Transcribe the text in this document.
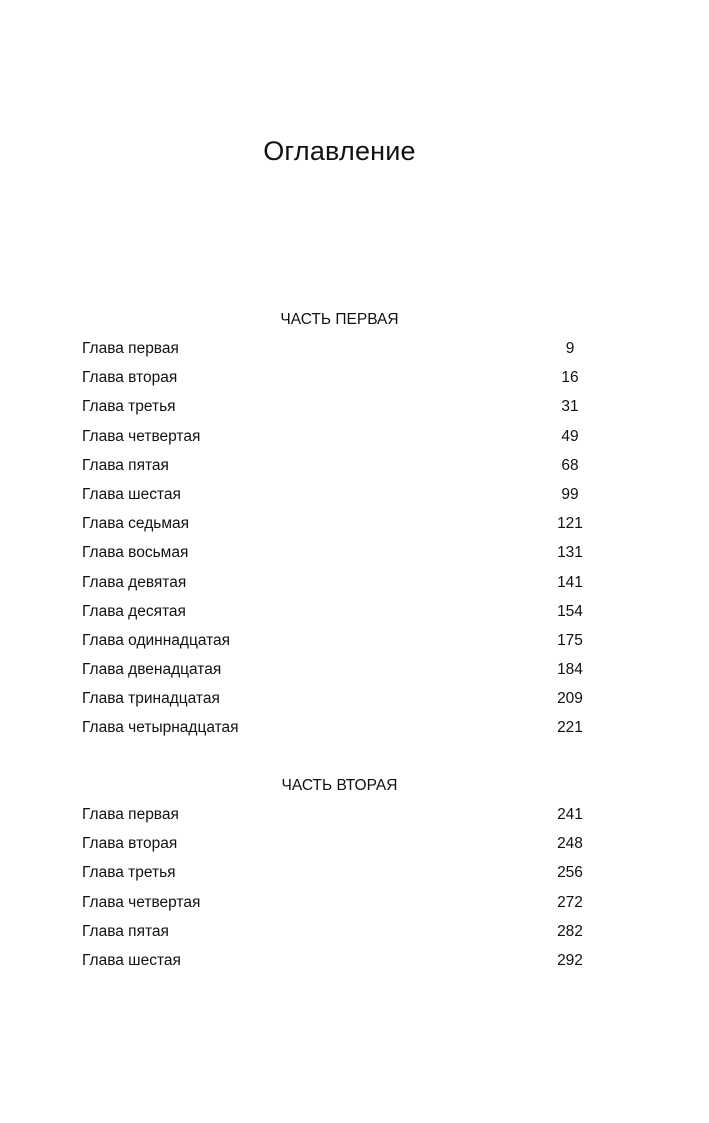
Оглавление
ЧАСТЬ ПЕРВАЯ
Глава первая	9
Глава вторая	16
Глава третья	31
Глава четвертая	49
Глава пятая	68
Глава шестая	99
Глава седьмая	121
Глава восьмая	131
Глава девятая	141
Глава десятая	154
Глава одиннадцатая	175
Глава двенадцатая	184
Глава тринадцатая	209
Глава четырнадцатая	221
ЧАСТЬ ВТОРАЯ
Глава первая	241
Глава вторая	248
Глава третья	256
Глава четвертая	272
Глава пятая	282
Глава шестая	292
